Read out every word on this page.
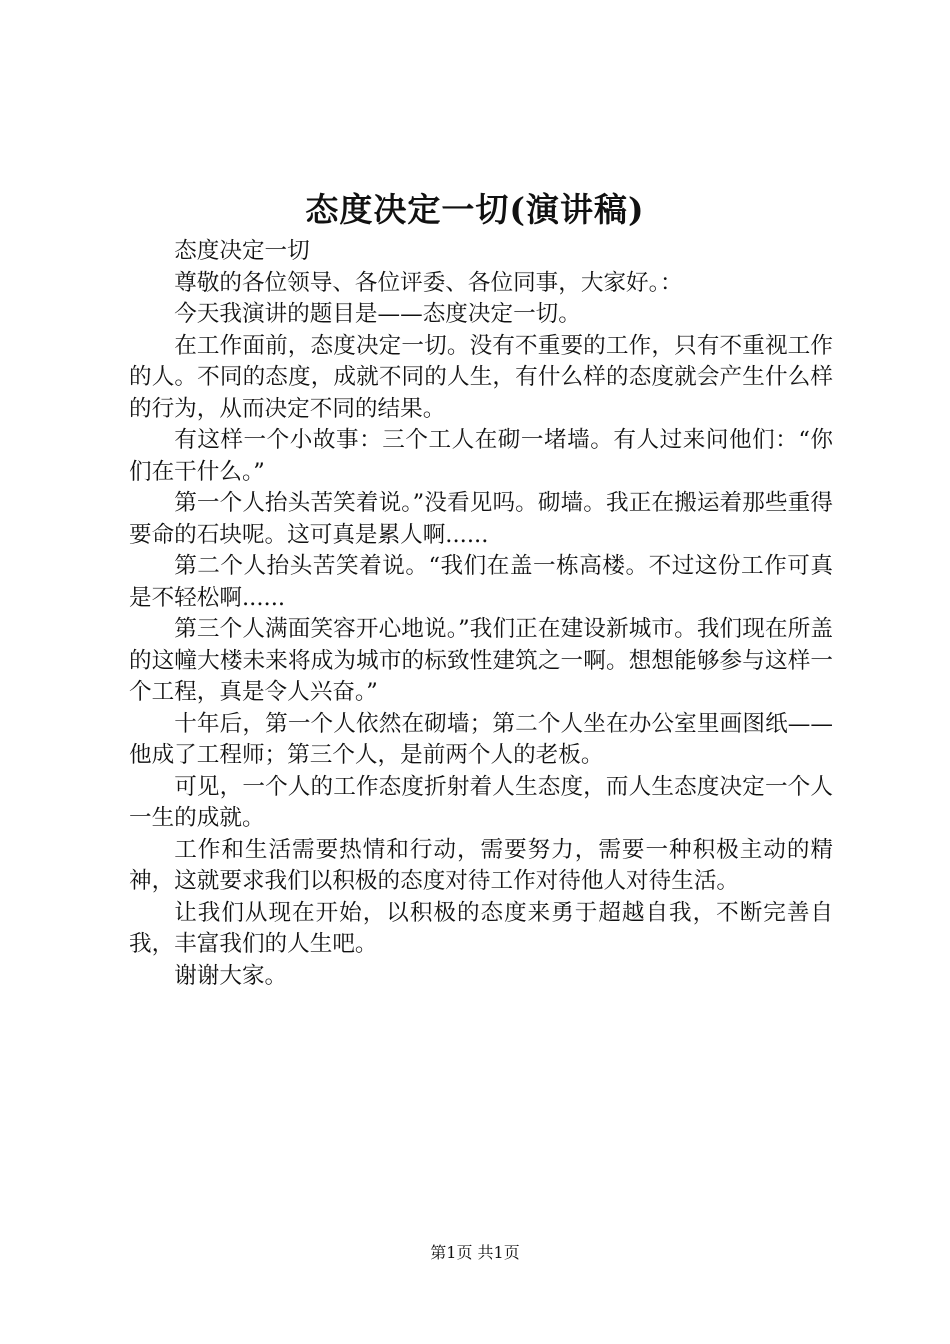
态度决定一切(演讲稿)

态度决定一切

尊敬的各位领导、各位评委、各位同事，大家好。：

今天我演讲的题目是——态度决定一切。

在工作面前，态度决定一切。没有不重要的工作，只有不重视工作的人。不同的态度，成就不同的人生，有什么样的态度就会产生什么样的行为，从而决定不同的结果。

有这样一个小故事：三个工人在砌一堵墙。有人过来问他们：“你们在干什么。”

第一个人抬头苦笑着说。”没看见吗。砌墙。我正在搬运着那些重得要命的石块呢。这可真是累人啊......

第二个人抬头苦笑着说。“我们在盖一栋高楼。不过这份工作可真是不轻松啊......

第三个人满面笑容开心地说。”我们正在建设新城市。我们现在所盖的这幢大楼未来将成为城市的标致性建筑之一啊。想想能够参与这样一个工程，真是令人兴奋。”

十年后，第一个人依然在砌墙；第二个人坐在办公室里画图纸——他成了工程师；第三个人，是前两个人的老板。

可见，一个人的工作态度折射着人生态度，而人生态度决定一个人一生的成就。

工作和生活需要热情和行动，需要努力，需要一种积极主动的精神，这就要求我们以积极的态度对待工作对待他人对待生活。

让我们从现在开始，以积极的态度来勇于超越自我，不断完善自我，丰富我们的人生吧。

谢谢大家。

第1页 共1页
